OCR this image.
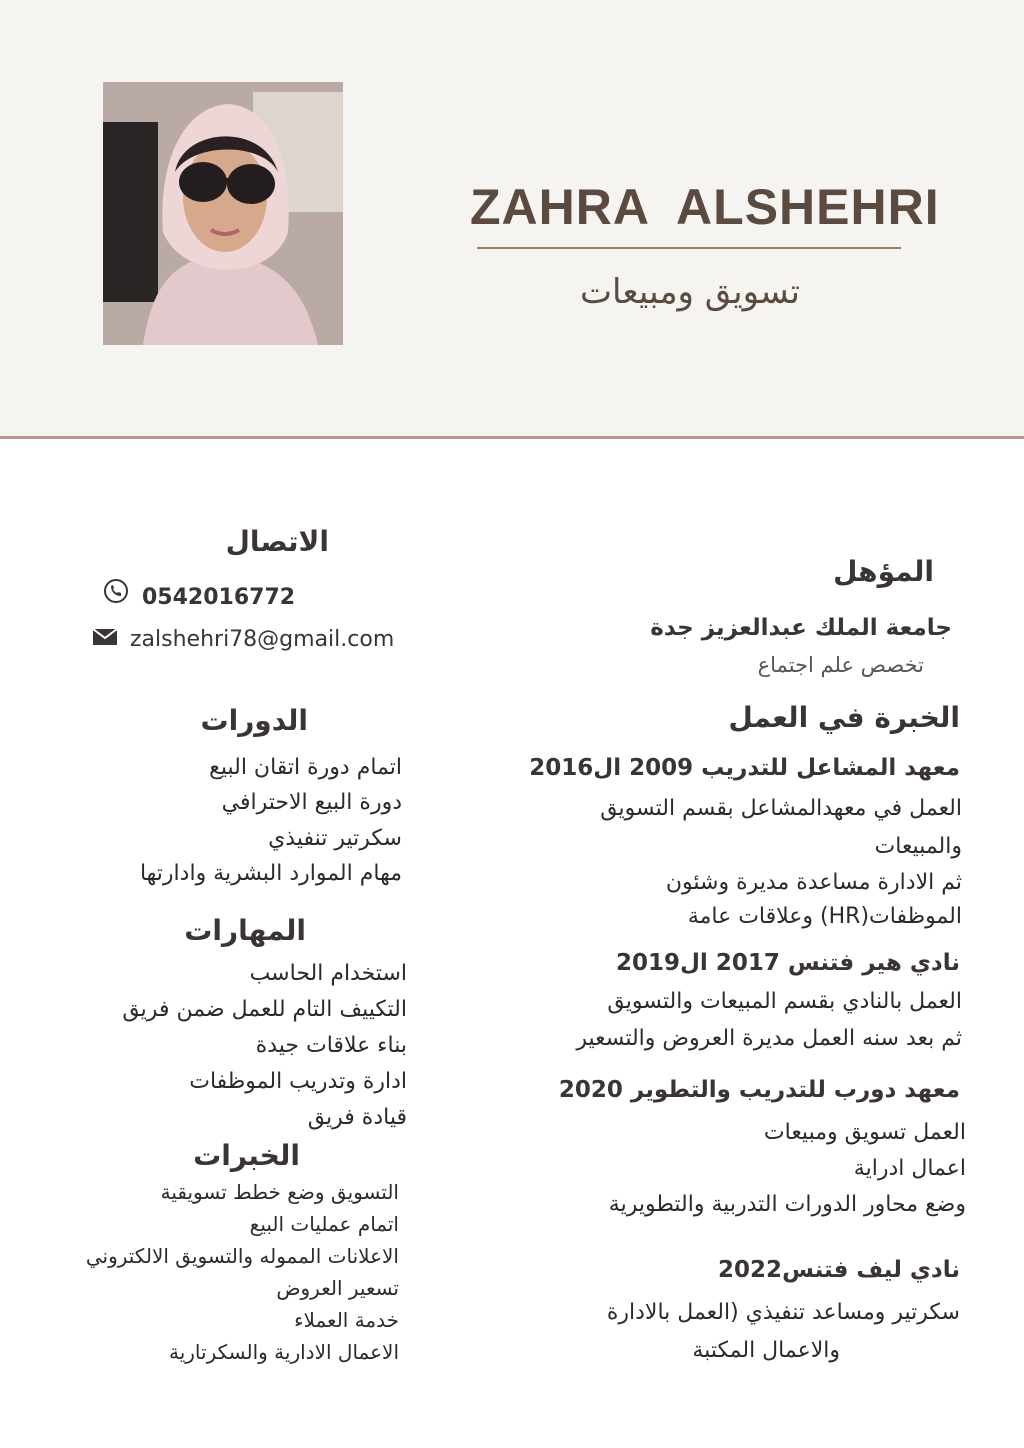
ZAHRA  ALSHEHRI
تسويق ومبيعات
الاتصال
0542016772
zalshehri78@gmail.com
الدورات
اتمام دورة اتقان البيع
دورة البيع الاحترافي
سكرتير تنفيذي
مهام الموارد البشرية وادارتها
المهارات
استخدام الحاسب
التكييف التام للعمل ضمن فريق
بناء علاقات جيدة
ادارة وتدريب الموظفات
قيادة فريق
الخبرات
التسويق وضع خطط تسويقية
اتمام عمليات البيع
الاعلانات المموله والتسويق الالكتروني
تسعير العروض
خدمة العملاء
الاعمال الادارية والسكرتارية
المؤهل
جامعة الملك عبدالعزيز جدة
تخصص علم اجتماع
الخبرة في العمل
معهد المشاعل للتدريب 2009 ال2016
العمل في معهدالمشاعل بقسم التسويق
والمبيعات
ثم الادارة مساعدة مديرة وشئون
الموظفات(HR) وعلاقات عامة
نادي هير فتنس 2017 ال2019
العمل بالنادي بقسم المبيعات والتسويق
ثم بعد سنه العمل مديرة العروض والتسعير
معهد دورب للتدريب والتطوير 2020
العمل تسويق ومبيعات
اعمال ادراية
وضع محاور الدورات التدربية والتطويرية
نادي ليف فتنس2022
سكرتير ومساعد تنفيذي (العمل بالادارة
والاعمال المكتبة
